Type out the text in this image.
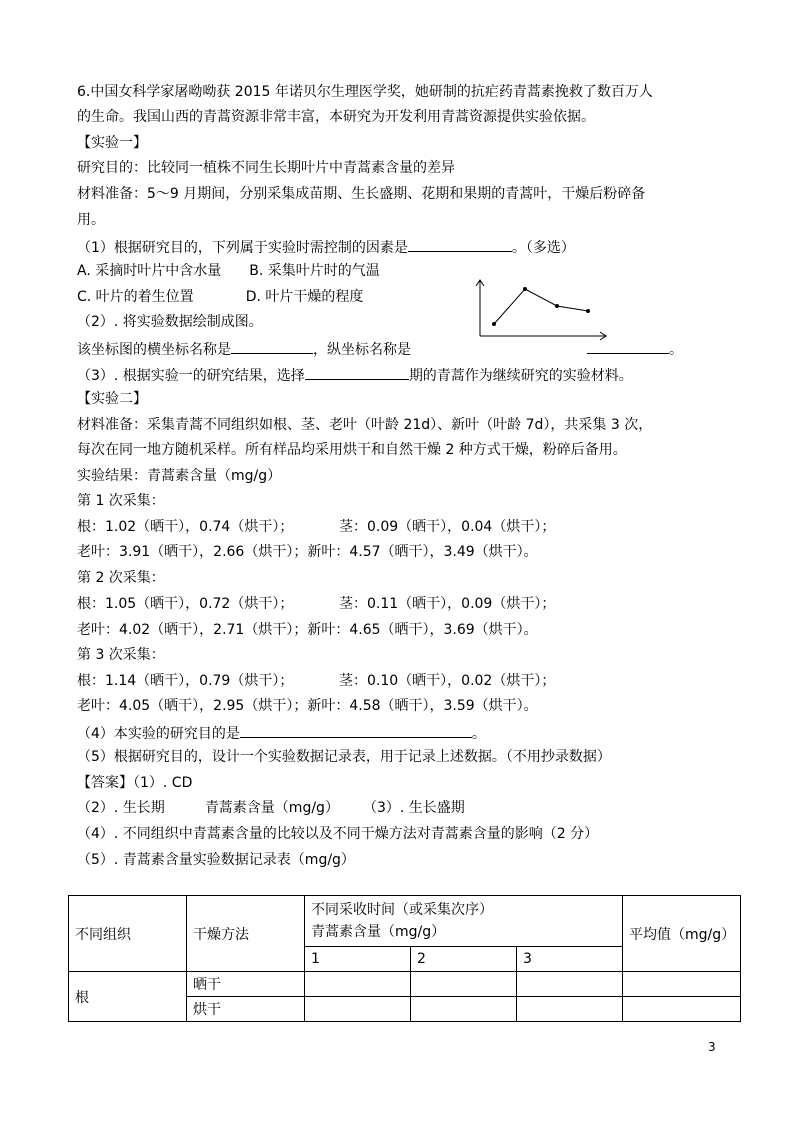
6.中国女科学家屠呦呦获 2015 年诺贝尔生理医学奖，她研制的抗疟药青蒿素挽救了数百万人
的生命。我国山西的青蒿资源非常丰富，本研究为开发利用青蒿资源提供实验依据。
【实验一】
研究目的：比较同一植株不同生长期叶片中青蒿素含量的差异
材料准备：5～9 月期间，分别采集成苗期、生长盛期、花期和果期的青蒿叶，干燥后粉碎备
用。
（1）根据研究目的，下列属于实验时需控制的因素是	。（多选）
A. 采摘时叶片中含水量 B. 采集叶片时的气温
C. 叶片的着生位置	D. 叶片干燥的程度
（2）. 将实验数据绘制成图。
该坐标图的横坐标名称是	，纵坐标名称是	。
（3）. 根据实验一的研究结果，选择	期的青蒿作为继续研究的实验材料。
【实验二】
材料准备：采集青蒿不同组织如根、茎、老叶（叶龄 21d）、新叶（叶龄 7d），共采集 3 次，
每次在同一地方随机采样。所有样品均采用烘干和自然干燥 2 种方式干燥，粉碎后备用。
实验结果：青蒿素含量（mg/g）
第 1 次采集：
根：1.02（晒干），0.74（烘干）；	茎：0.09（晒干），0.04（烘干）；
老叶：3.91（晒干），2.66（烘干）；新叶：4.57（晒干），3.49（烘干）。
第 2 次采集：
根：1.05（晒干），0.72（烘干）；	茎：0.11（晒干），0.09（烘干）；
老叶：4.02（晒干），2.71（烘干）；新叶：4.65（晒干），3.69（烘干）。
第 3 次采集：
根：1.14（晒干），0.79（烘干）；	茎：0.10（晒干），0.02（烘干）；
老叶：4.05（晒干），2.95（烘干）；新叶：4.58（晒干），3.59（烘干）。
（4）本实验的研究目的是	。
（5）根据研究目的，设计一个实验数据记录表，用于记录上述数据。（不用抄录数据）
【答案】（1）. CD
（2）. 生长期	青蒿素含量（mg/g） （3）. 生长盛期
（4）. 不同组织中青蒿素含量的比较以及不同干燥方法对青蒿素含量的影响（2 分）
（5）. 青蒿素含量实验数据记录表（mg/g）
不同组织	干燥方法	不同采收时间（或采集次序）
青蒿素含量（mg/g）			平均值（mg/g）
		1	2	3	
根	晒干				
	烘干				
3
